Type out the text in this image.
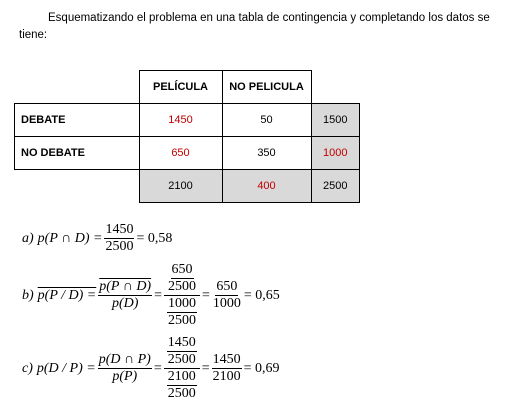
Esquematizando el problema en una tabla de contingencia y completando los datos se tiene:

	PELÍCULA	NO PELICULA	
DEBATE	1450	50	1500
NO DEBATE	650	350	1000
	2100	400	2500
a) p(P ∩ $D) = \frac{1450}{2500} = 0,58$
b) $p(P / D) = \frac{p(P \cap D)}{p(D)} = \frac{\frac{650}{2500}}{\frac{1000}{2500}} = \frac{650}{1000} = 0,65$
c) $p(D / P) = \frac{p(D \cap P)}{p(P)} = \frac{\frac{1450}{2500}}{\frac{2100}{2500}} = \frac{1450}{2100} = 0,69$
